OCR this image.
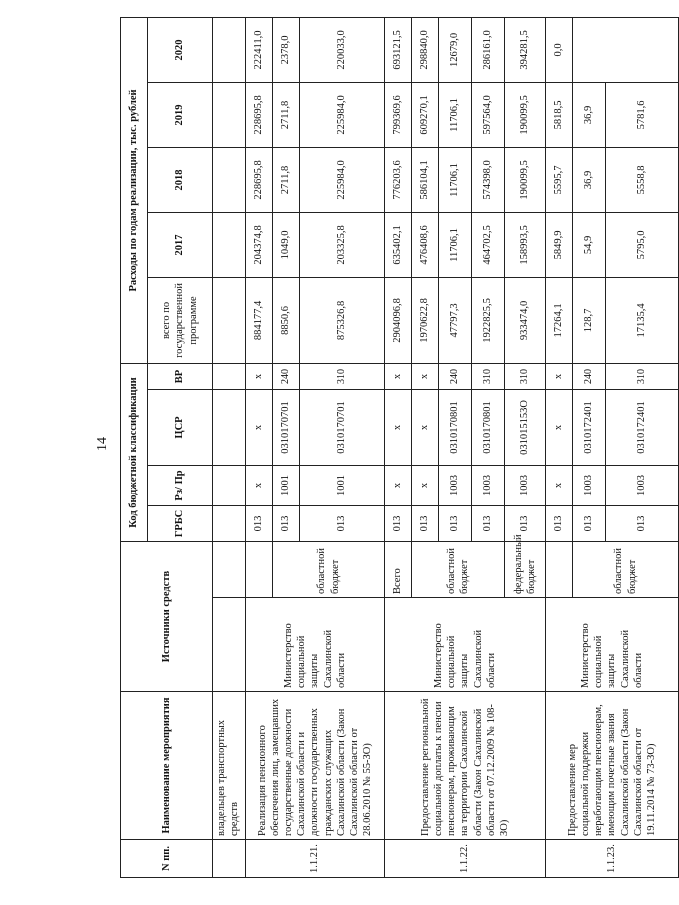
14
N пп.	Наименование мероприятия	Источники средств		Код бюджетной классификации				Расходы по годам реализации, тыс. рублей				
				ГРБС	Рз/ Пр	ЦСР	ВР	всего по государственной программе	2017	2018	2019	2020
	владельцев транспортных средств											
1.1.21.	Реализация пенсионного обеспечения лиц, замещавших государственные должности Сахалинской области и должности государственных гражданских служащих Сахалинской области (Закон Сахалинской области от 28.06.2010 № 55-ЗО)	Министерство социальной защиты Сахалинской области		013	х	х	х	884177,4	204374,8	228695,8	228695,8	222411,0
			областной бюджет	013	1001	0310170701	240	8850,6	1049,0	2711,8	2711,8	2378,0
				013	1001	0310170701	310	875326,8	203325,8	225984,0	225984,0	220033,0
1.1.22.	Предоставление региональной социальной доплаты к пенсии пенсионерам, проживающим на территории Сахалинской области (Закон Сахалинской области от 07.12.2009 № 108-ЗО)	Министерство социальной защиты Сахалинской области	Всего	013	х	х	х	2904096,8	635402,1	776203,6	799369,6	693121,5
			областной бюджет	013	х	х	х	1970622,8	476408,6	586104,1	609270,1	298840,0
				013	1003	0310170801	240	47797,3	11706,1	11706,1	11706,1	12679,0
				013	1003	0310170801	310	1922825,5	464702,5	574398,0	597564,0	286161,0
			федеральный бюджет	013	1003	031015153О	310	933474,0	158993,5	190099,5	190099,5	394281,5
1.1.23.	Предоставление мер социальной поддержки неработающим пенсионерам, имеющим почетные звания Сахалинской области (Закон Сахалинской области от 19.11.2014 № 73-ЗО)	Министерство социальной защиты Сахалинской области		013	х	х	х	17264,1	5849,9	5595,7	5818,5	0,0
			областной бюджет	013	1003	0310172401	240	128,7	54,9	36,9	36,9	
				013	1003	0310172401	310	17135,4	5795,0	5558,8	5781,6	
